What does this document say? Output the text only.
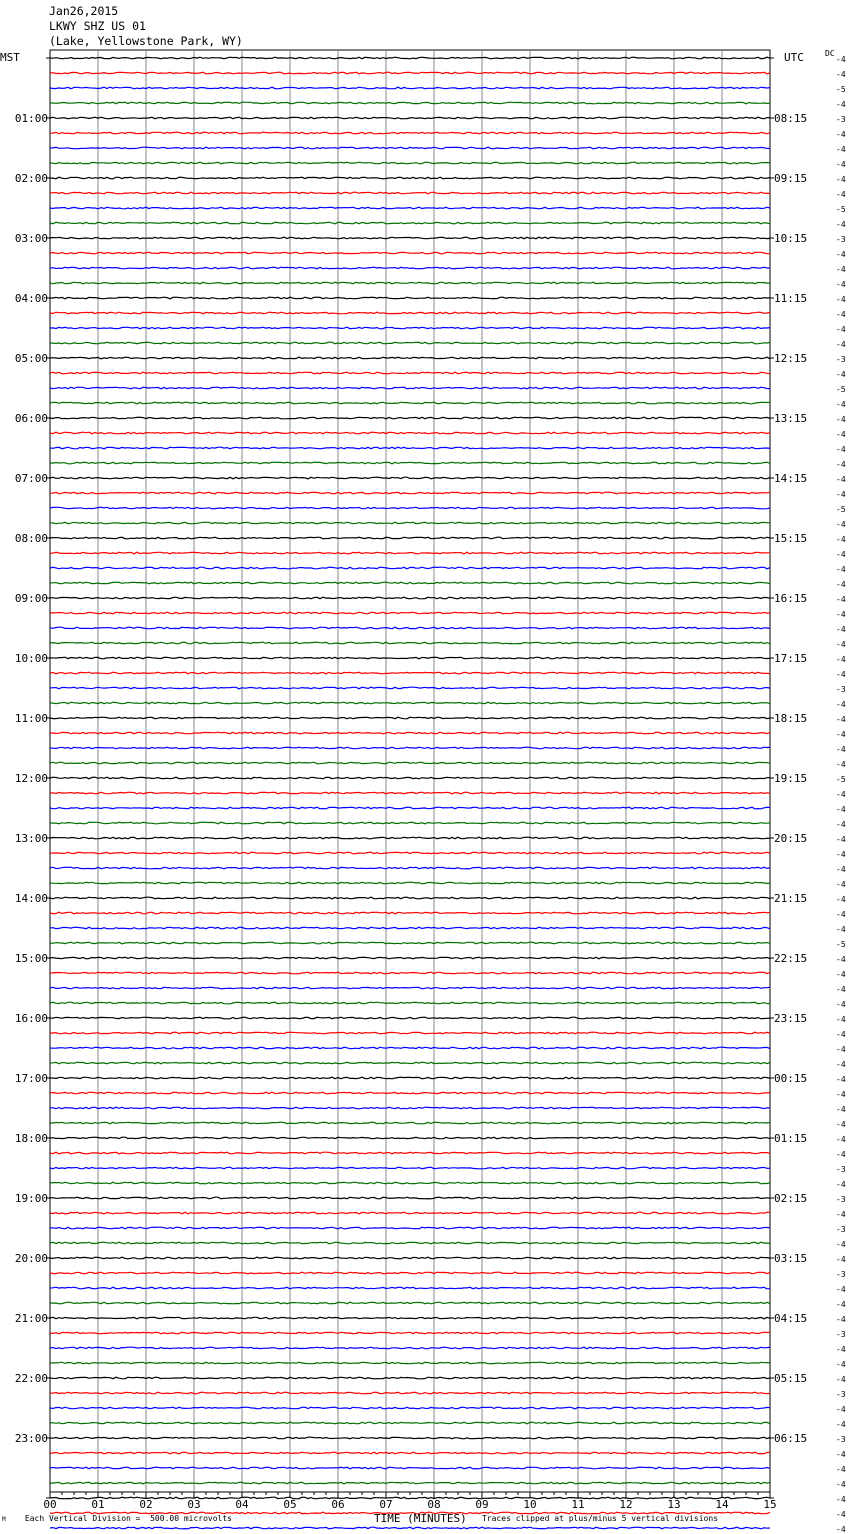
Jan26,2015
LKWY SHZ US 01
(Lake, Yellowstone Park, WY)
MST	UTC	DC
00	01	02	03	04	05	06	07	08	09	10	11	12	13	14	15
-4
-4
-5
-4
-3
01:00	08:15
-4
-4
-4
-4
02:00	09:15
-4
-5
-4
-3
03:00	10:15
-4
-4
-4
-4
04:00	11:15
-4
-4
-4
-3
05:00	12:15
-4
-5
-4
-4
06:00	13:15
-4
-4
-4
-4
07:00	14:15
-4
-5
-4
-4
08:00	15:15
-4
-4
-4
-4
09:00	16:15
-4
-4
-4
-4
10:00	17:15
-4
-3
-4
-4
11:00	18:15
-4
-4
-4
-5
12:00	19:15
-4
-4
-4
-4
13:00	20:15
-4
-4
-4
-4
14:00	21:15
-4
-4
-5
-4
15:00	22:15
-4
-4
-4
-4
16:00	23:15
-4
-4
-4
-4
17:00	00:15
-4
-4
-4
-4
18:00	01:15
-4
-3
-4
-3
19:00	02:15
-4
-3
-4
-4
20:00	03:15
-3
-4
-4
-4
21:00	04:15
-3
-4
-4
-4
22:00	05:15
-3
-4
-4
-3
23:00	06:15
-4
-4
-4
-4
-4
-4
M Each Vertical Division =  500.00 microvolts	TIME (MINUTES) Traces clipped at plus/minus 5 vertical divisions
